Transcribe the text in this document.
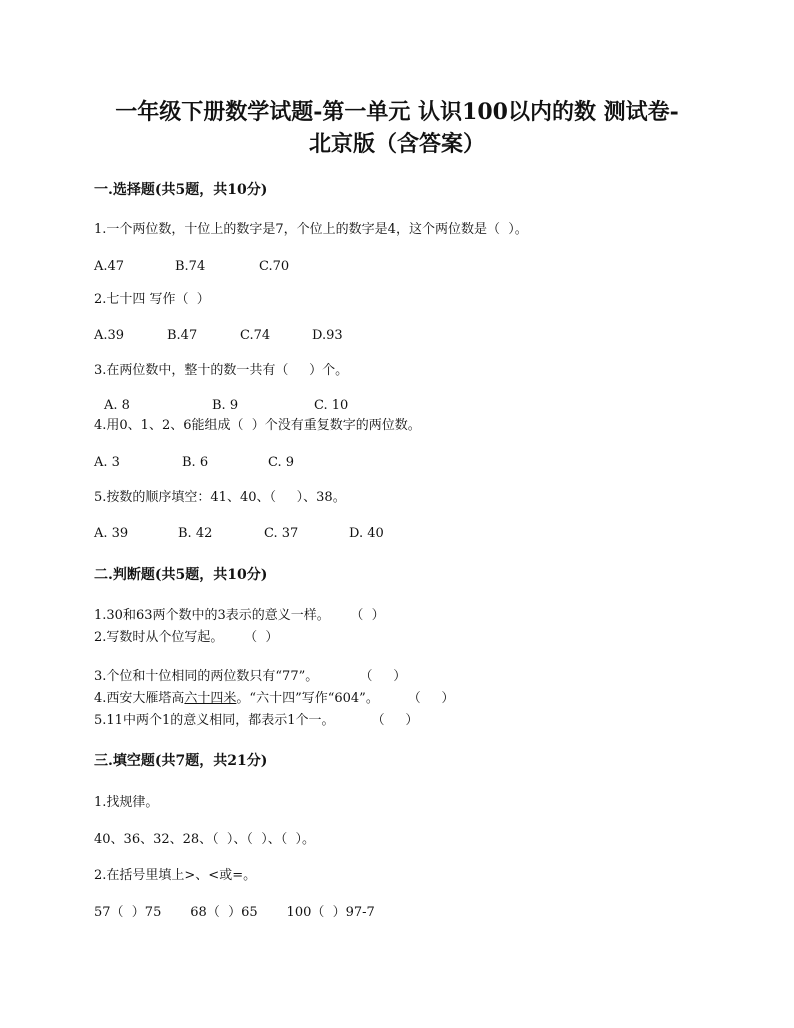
一年级下册数学试题-第一单元 认识100以内的数 测试卷-
北京版（含答案）
一.选择题(共5题，共10分)
1.一个两位数，十位上的数字是7，个位上的数字是4，这个两位数是（  ）。
A.47	B.74	C.70
2.七十四 写作（  ）
A.39	B.47	C.74	D.93
3.在两位数中，整十的数一共有（     ）个。
A. 8	B. 9	C. 10
4.用0、1、2、6能组成（  ）个没有重复数字的两位数。
A. 3	B. 6	C. 9
5.按数的顺序填空：41、40、（     ）、38。
A. 39	B. 42	C. 37	D. 40
二.判断题(共5题，共10分)
1.30和63两个数中的3表示的意义一样。     （  ）
2.写数时从个位写起。     （  ）
3.个位和十位相同的两位数只有“77”。          （     ）
4.西安大雁塔高六十四米。“六十四”写作“604”。       （     ）
5.11中两个1的意义相同，都表示1个一。         （     ）
三.填空题(共7题，共21分)
1.找规律。
40、36、32、28、（  ）、（  ）、（  ）。
2.在括号里填上>、<或=。
57（  ）75       68（  ）65       100（  ）97-7
